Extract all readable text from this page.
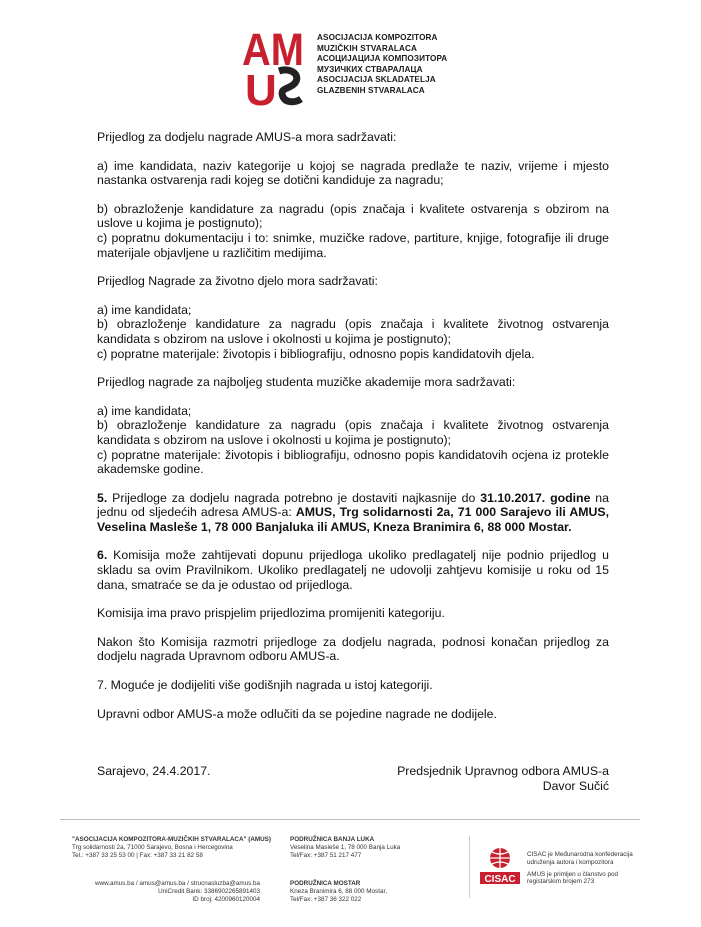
AM
U
ASOCIJACIJA KOMPOZITORA
MUZIČKIH STVARALACA
АСОЦИЈАЦИЈА КОМПОЗИТОРА
МУЗИЧКИХ СТВАРАЛАЦА
ASOCIJACIJA SKLADATELJA
GLAZBENIH STVARALACA

Prijedlog za dodjelu nagrade AMUS-a mora sadržavati:

a) ime kandidata, naziv kategorije u kojoj se nagrada predlaže te naziv, vrijeme i mjesto nastanka ostvarenja radi kojeg se dotični kandiduje za nagradu;

b) obrazloženje kandidature za nagradu (opis značaja i kvalitete ostvarenja s obzirom na uslove u kojima je postignuto);

c) popratnu dokumentaciju i to: snimke, muzičke radove, partiture, knjige, fotografije ili druge materijale objavljene u različitim medijima.

Prijedlog Nagrade za životno djelo mora sadržavati:

a) ime kandidata;

b) obrazloženje kandidature za nagradu (opis značaja i kvalitete životnog ostvarenja kandidata s obzirom na uslove i okolnosti u kojima je postignuto);

c) popratne materijale: životopis i bibliografiju, odnosno popis kandidatovih djela.

Prijedlog nagrade za najboljeg studenta muzičke akademije mora sadržavati:

a) ime kandidata;

b) obrazloženje kandidature za nagradu (opis značaja i kvalitete životnog ostvarenja kandidata s obzirom na uslove i okolnosti u kojima je postignuto);

c) popratne materijale: životopis i bibliografiju, odnosno popis kandidatovih ocjena iz protekle akademske godine.

5. Prijedloge za dodjelu nagrada potrebno je dostaviti najkasnije do 31.10.2017. godine na jednu od sljedećih adresa AMUS-a: AMUS, Trg solidarnosti 2a, 71 000 Sarajevo ili AMUS, Veselina Masleše 1, 78 000 Banjaluka ili AMUS, Kneza Branimira 6, 88 000 Mostar.

6. Komisija može zahtijevati dopunu prijedloga ukoliko predlagatelj nije podnio prijedlog u skladu sa ovim Pravilnikom. Ukoliko predlagatelj ne udovolji zahtjevu komisije u roku od 15 dana, smatraće se da je odustao od prijedloga.

Komisija ima pravo prispjelim prijedlozima promijeniti kategoriju.

Nakon što Komisija razmotri prijedloge za dodjelu nagrada, podnosi konačan prijedlog za dodjelu nagrada Upravnom odboru AMUS-a.

7. Moguće je dodijeliti više godišnjih nagrada u istoj kategoriji.

Upravni odbor AMUS-a može odlučiti da se pojedine nagrade ne dodijele.

Sarajevo, 24.4.2017.	Predsjednik Upravnog odbora AMUS-a
Davor Sučić
"ASOCIJACIJA KOMPOZITORA-MUZIČKIH STVARALACA" (AMUS)
Trg solidarnosti 2a, 71000 Sarajevo, Bosna i Hercegovina
Tel.: +387 33 25 53 00 | Fax: +387 33 21 82 58
www.amus.ba / amus@amus.ba / strucnasluzba@amus.ba
UniCredit Bank: 3386902265891403
ID broj: 4200960120004
PODRUŽNICA BANJA LUKA
Veselina Masleše 1, 78 000 Banja Luka
Tel/Fax: +387 51 217 477
PODRUŽNICA MOSTAR
Kneza Branimira 6, 88 000 Mostar,
Tel/Fax: +387 36 322 022
CISAC
CISAC je Međunarodna konfederacija
udruženja autora i kompozitora
AMUS je primljen u članstvo pod
registarskim brojem 273
